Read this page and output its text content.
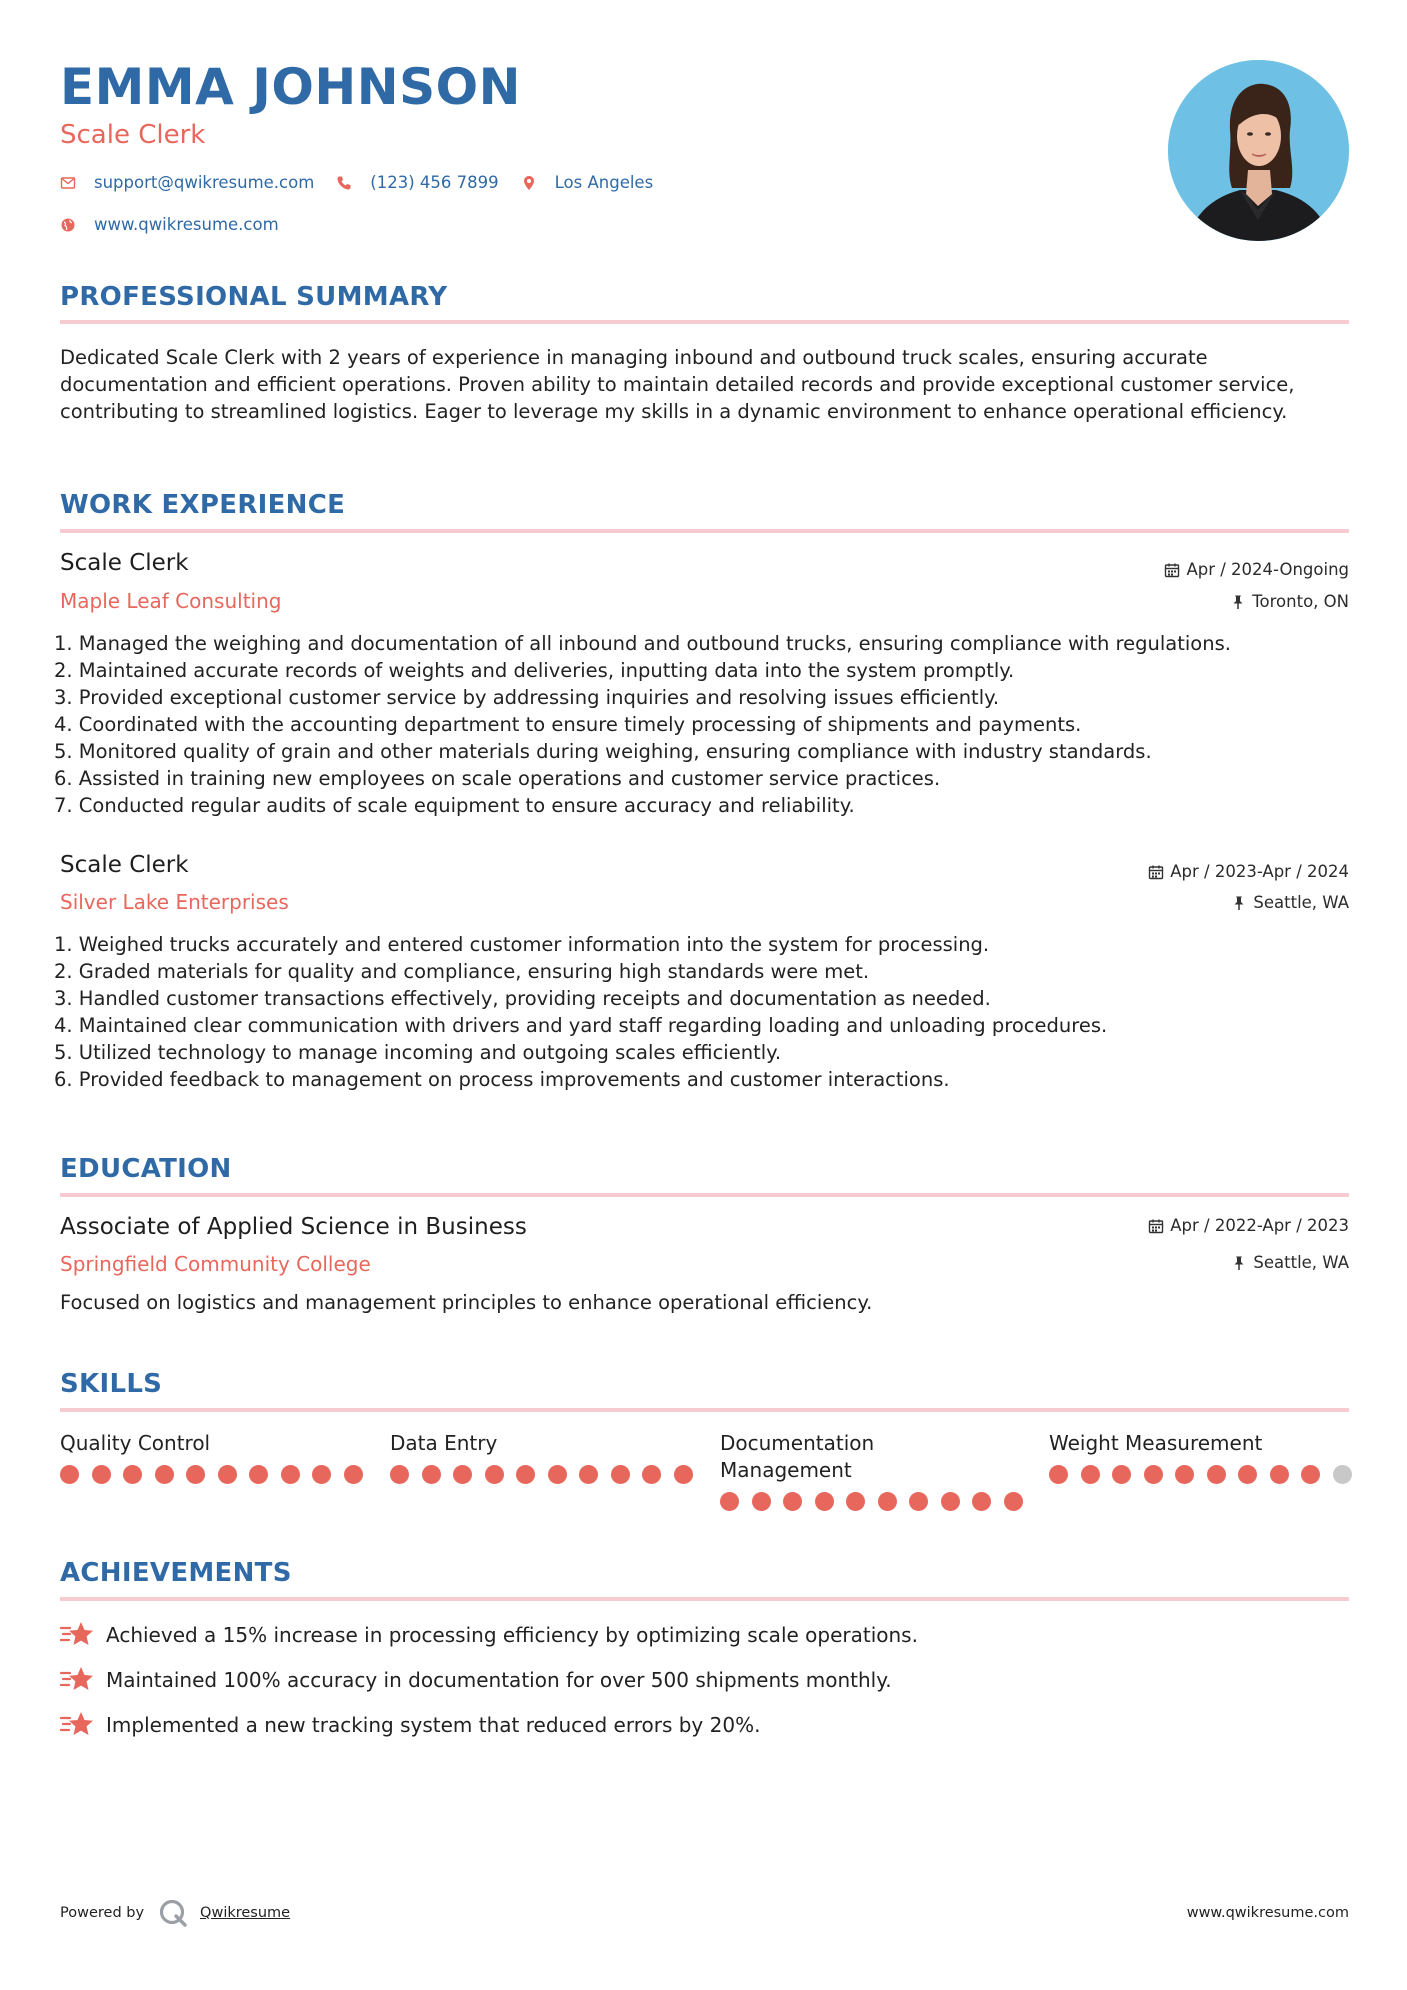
EMMA JOHNSON
Scale Clerk
support@qwikresume.com	(123) 456 7899	Los Angeles
www.qwikresume.com
PROFESSIONAL SUMMARY
Dedicated Scale Clerk with 2 years of experience in managing inbound and outbound truck scales, ensuring accurate documentation and efficient operations. Proven ability to maintain detailed records and provide exceptional customer service, contributing to streamlined logistics. Eager to leverage my skills in a dynamic environment to enhance operational efficiency.
WORK EXPERIENCE
Scale Clerk
Maple Leaf Consulting
Apr / 2024-Ongoing
Toronto, ON
1. Managed the weighing and documentation of all inbound and outbound trucks, ensuring compliance with regulations.
2. Maintained accurate records of weights and deliveries, inputting data into the system promptly.
3. Provided exceptional customer service by addressing inquiries and resolving issues efficiently.
4. Coordinated with the accounting department to ensure timely processing of shipments and payments.
5. Monitored quality of grain and other materials during weighing, ensuring compliance with industry standards.
6. Assisted in training new employees on scale operations and customer service practices.
7. Conducted regular audits of scale equipment to ensure accuracy and reliability.
Scale Clerk
Silver Lake Enterprises
Apr / 2023-Apr / 2024
Seattle, WA
1. Weighed trucks accurately and entered customer information into the system for processing.
2. Graded materials for quality and compliance, ensuring high standards were met.
3. Handled customer transactions effectively, providing receipts and documentation as needed.
4. Maintained clear communication with drivers and yard staff regarding loading and unloading procedures.
5. Utilized technology to manage incoming and outgoing scales efficiently.
6. Provided feedback to management on process improvements and customer interactions.
EDUCATION
Associate of Applied Science in Business
Springfield Community College
Apr / 2022-Apr / 2023
Seattle, WA
Focused on logistics and management principles to enhance operational efficiency.
SKILLS
Quality Control	Data Entry	Documentation Management
Weight Measurement
ACHIEVEMENTS
Achieved a 15% increase in processing efficiency by optimizing scale operations.
Maintained 100% accuracy in documentation for over 500 shipments monthly.
Implemented a new tracking system that reduced errors by 20%.
Powered by	Qwikresume	www.qwikresume.com
